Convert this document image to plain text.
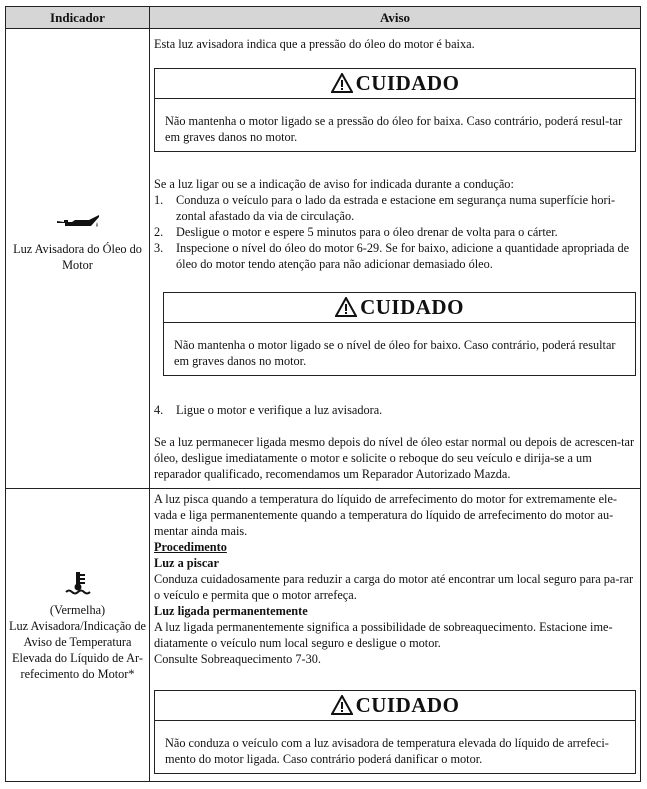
Indicador	Aviso
Luz Avisadora do Óleo do Motor

Esta luz avisadora indica que a pressão do óleo do motor é baixa.

CUIDADO
Não mantenha o motor ligado se a pressão do óleo for baixa. Caso contrário, poderá resul-tar em graves danos no motor.

Se a luz ligar ou se a indicação de aviso for indicada durante a condução:

1. Conduza o veículo para o lado da estrada e estacione em segurança numa superfície hori-zontal afastado da via de circulação.
2. Desligue o motor e espere 5 minutos para o óleo drenar de volta para o cárter.
3. Inspecione o nível do óleo do motor 6-29. Se for baixo, adicione a quantidade apropriada de óleo do motor tendo atenção para não adicionar demasiado óleo.
CUIDADO
Não mantenha o motor ligado se o nível de óleo for baixo. Caso contrário, poderá resultar em graves danos no motor.
4. Ligue o motor e verifique a luz avisadora.

Se a luz permanecer ligada mesmo depois do nível de óleo estar normal ou depois de acrescen-tar óleo, desligue imediatamente o motor e solicite o reboque do seu veículo e dirija-se a um reparador qualificado, recomendamos um Reparador Autorizado Mazda.

(Vermelha)
Luz Avisadora/Indicação de Aviso de Temperatura Elevada do Líquido de Ar-refecimento do Motor*

A luz pisca quando a temperatura do líquido de arrefecimento do motor for extremamente ele-vada e liga permanentemente quando a temperatura do líquido de arrefecimento do motor au-mentar ainda mais.

Procedimento

Luz a piscar

Conduza cuidadosamente para reduzir a carga do motor até encontrar um local seguro para pa-rar o veículo e permita que o motor arrefeça.

Luz ligada permanentemente

A luz ligada permanentemente significa a possibilidade de sobreaquecimento. Estacione ime-diatamente o veículo num local seguro e desligue o motor.

Consulte Sobreaquecimento 7-30.

CUIDADO
Não conduza o veículo com a luz avisadora de temperatura elevada do líquido de arrefeci-mento do motor ligada. Caso contrário poderá danificar o motor.
